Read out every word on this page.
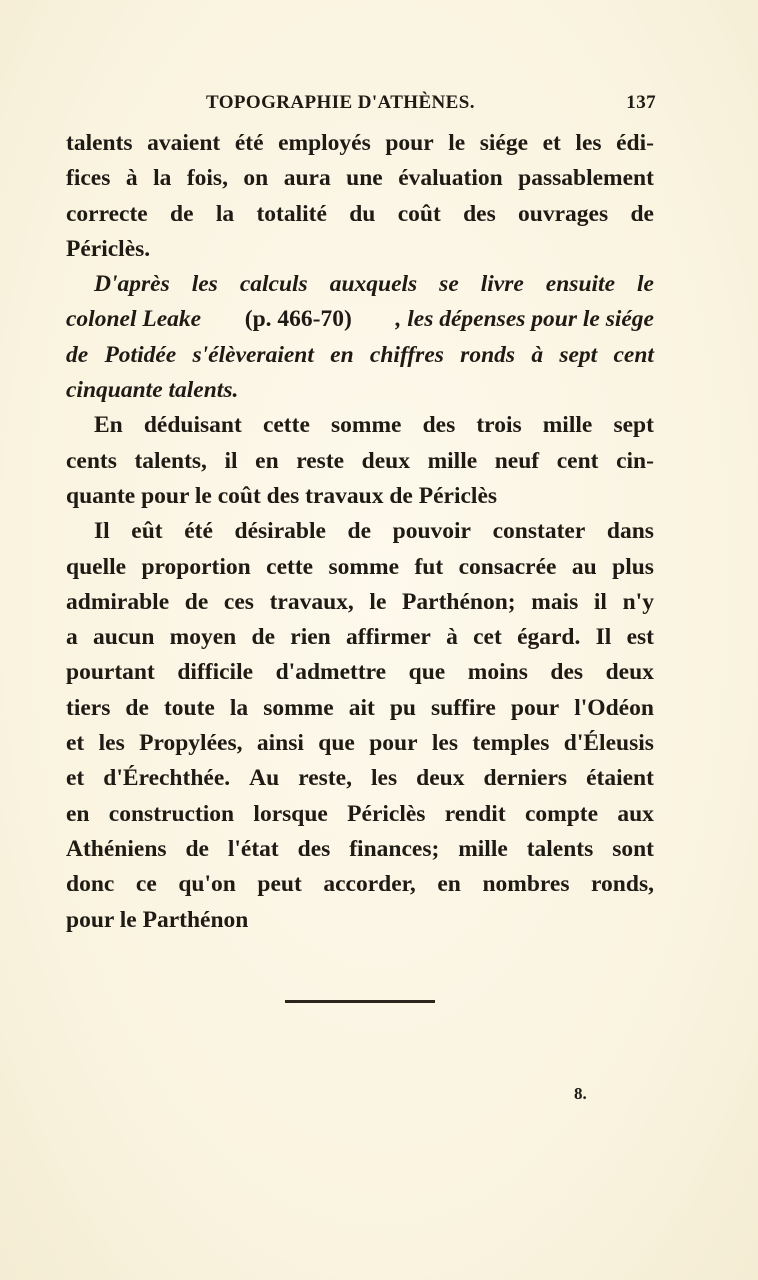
TOPOGRAPHIE D'ATHÈNES.	137
talents avaient été employés pour le siége et les édi-
fices à la fois, on aura une évaluation passablement
correcte de la totalité du coût des ouvrages de
Périclès.
D'après les calculs auxquels se livre ensuite le
colonel Leake (p. 466-70) , les dépenses pour le siége
de Potidée s'élèveraient en chiffres ronds à sept cent
cinquante talents.
En déduisant cette somme des trois mille sept
cents talents, il en reste deux mille neuf cent cin-
quante pour le coût des travaux de Périclès
Il eût été désirable de pouvoir constater dans
quelle proportion cette somme fut consacrée au plus
admirable de ces travaux, le Parthénon; mais il n'y
a aucun moyen de rien affirmer à cet égard. Il est
pourtant difficile d'admettre que moins des deux
tiers de toute la somme ait pu suffire pour l'Odéon
et les Propylées, ainsi que pour les temples d'Éleusis
et d'Érechthée. Au reste, les deux derniers étaient
en construction lorsque Périclès rendit compte aux
Athéniens de l'état des finances; mille talents sont
donc ce qu'on peut accorder, en nombres ronds,
pour le Parthénon
8.
